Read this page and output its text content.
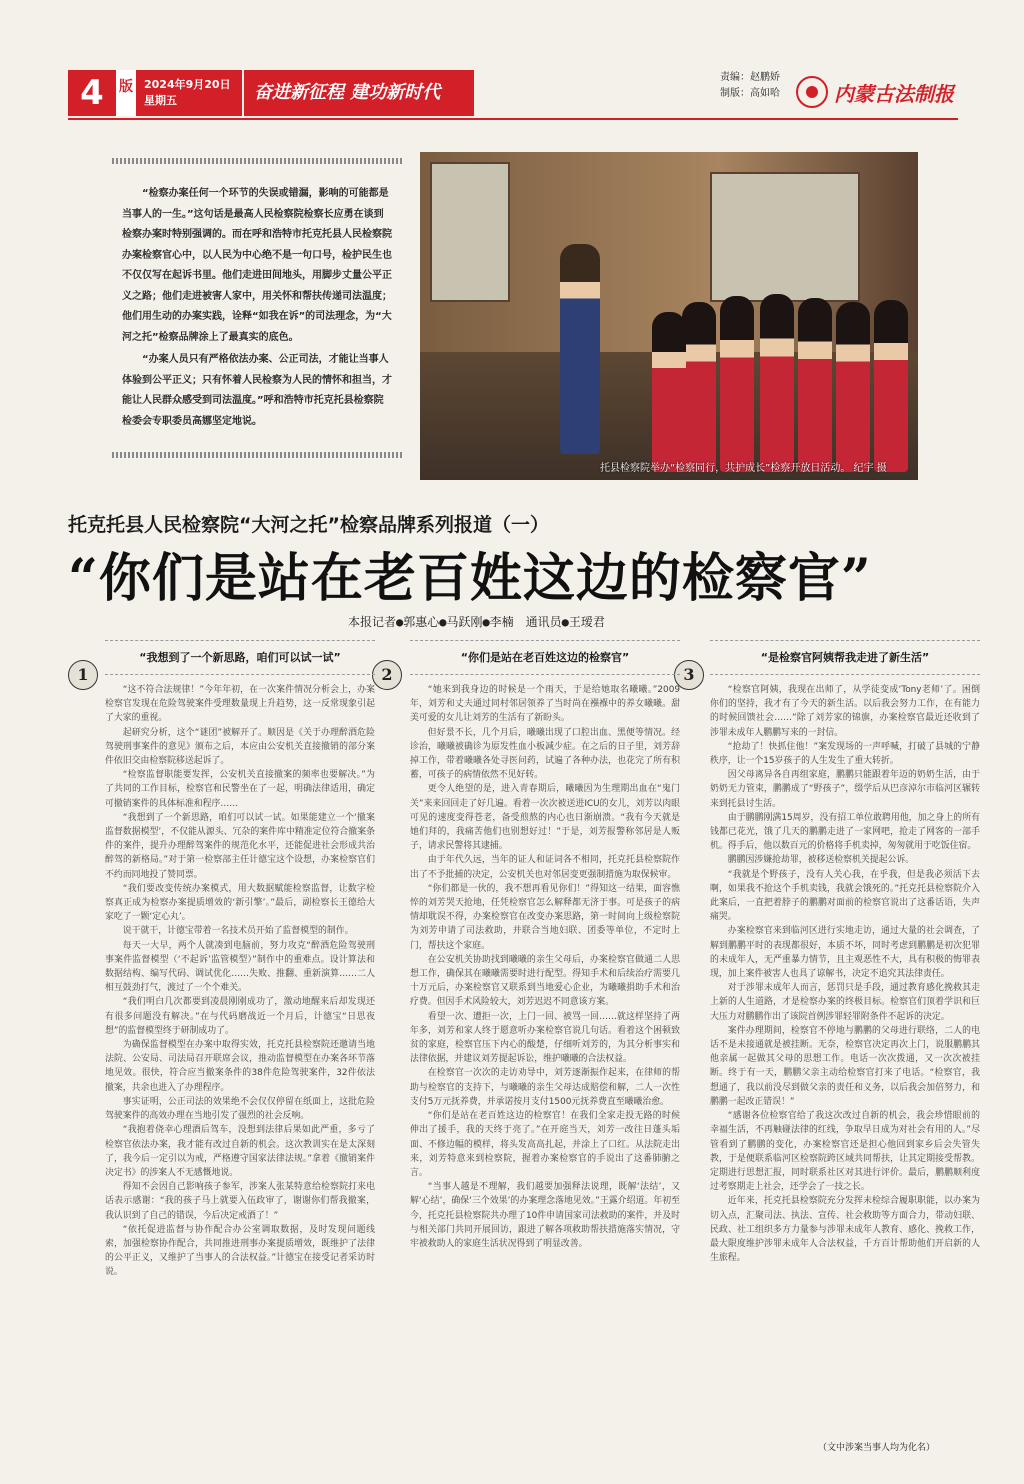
4	版 2024年9月20日
星期五	奋进新征程 建功新时代
责编：赵鹏娇
制版：高如哈	内蒙古法制报

“检察办案任何一个环节的失误或错漏，影响的可能都是当事人的一生。”这句话是最高人民检察院检察长应勇在谈到检察办案时特别强调的。而在呼和浩特市托克托县人民检察院办案检察官心中，以人民为中心绝不是一句口号，检护民生也不仅仅写在起诉书里。他们走进田间地头，用脚步丈量公平正义之路；他们走进被害人家中，用关怀和帮扶传递司法温度；他们用生动的办案实践，诠释“如我在诉”的司法理念，为“大河之托”检察品牌涂上了最真实的底色。

“办案人员只有严格依法办案、公正司法，才能让当事人体验到公平正义；只有怀着人民检察为人民的情怀和担当，才能让人民群众感受到司法温度。”呼和浩特市托克托县检察院检委会专职委员高娜坚定地说。

托县检察院举办“检察同行，共护成长”检察开放日活动。 纪宇 摄
托克托县人民检察院“大河之托”检察品牌系列报道（一）
“你们是站在老百姓这边的检察官”
本报记者●郭惠心●马跃刚●李楠　通讯员●王瑷君
1	2	3
“我想到了一个新思路，咱们可以试一试”

“这不符合法规律！”今年年初，在一次案件情况分析会上，办案检察官发现在危险驾驶案件受理数量现上升趋势，这一反常现象引起了大家的重视。

起研究分析，这个“谜团”被解开了。顺因是《关于办理醉酒危险驾驶刑事案件的意见》颁布之后，本应由公安机关直接撤销的部分案件依旧交由检察院移送起诉了。

“检察监督职能要发挥，公安机关直接撤案的频率也要解决。”为了共同的工作目标，检察官和民警坐在了一起，明确法律适用，确定可撤销案件的具体标准和程序……

“我想到了一个新思路，咱们可以试一试。如果能建立一个‘撤案监督数据模型’，不仅能从源头、冗杂的案件库中精准定位符合撤案条件的案件，提升办理醉驾案件的规范化水平，还能促进社会形成共治醉驾的新格局。”对于第一检察部主任计德宝这个设想，办案检察官们不约而同地投了赞同票。

“我们要改变传统办案模式，用大数据赋能检察监督，让数字检察真正成为检察办案提质增效的‘新引擎’。”最后，副检察长王德给大家吃了一颗‘定心丸’。

说干就干，计德宝带着一名技术员开始了监督模型的制作。

每天一大早，两个人就凑到电脑前，努力攻克“醉酒危险驾驶刑事案件监督模型（‘不起诉’监管模型）”制作中的重难点。设计算法和数据结构、编写代码、调试优化……失败、推翻、重新演算……二人相互鼓劲打气，渡过了一个个难关。

“我们明白几次都要到凌晨刚刚成功了，激动地醒来后却发现还有很多问题没有解决。”在与代码磨战近一个月后，计德宝“日思夜想”的监督模型终于研制成功了。

为确保监督模型在办案中取得实效，托克托县检察院还邀请当地法院、公安局、司法局召开联席会议，推动监督模型在办案各环节落地见效。很快，符合应当撤案条件的38件危险驾驶案件，32件依法撤案，共余也进入了办理程序。

事实证明，公正司法的效果绝不会仅仅停留在纸面上，这批危险驾驶案件的高效办理在当地引发了强烈的社会反响。

“我抱着侥幸心理酒后驾车，没想到法律后果如此严重，多亏了检察官依法办案，我才能有改过自新的机会。这次教训实在是太深刻了，我今后一定引以为戒，严格遵守国家法律法规。”拿着《撤销案件决定书》的涉案人不无感慨地说。

得知不会因自己影响孩子参军，涉案人张某特意给检察院打来电话表示感谢：“我的孩子马上就要入伍政审了，谢谢你们帮我撤案，我认识到了自己的错误，今后决定戒酒了！”

“依托促进监督与协作配合办公室调取数据，及时发现问题线索，加强检察协作配合，共同推进刑事办案提质增效，既维护了法律的公平正义，又维护了当事人的合法权益。”计德宝在接受记者采访时说。

“你们是站在老百姓这边的检察官”

“她来到我身边的时候是一个雨天，于是给她取名曦曦。”2009年，刘芳和丈夫通过同村邻居领养了当时尚在襁褓中的养女曦曦。甜美可爱的女儿让刘芳的生活有了新盼头。

但好景不长，几个月后，曦曦出现了口腔出血、黑便等情况。经诊治，曦曦被确诊为原发性血小板减少症。在之后的日子里，刘芳辞掉工作，带着曦曦各处寻医问药，试遍了各种办法，也花完了所有积蓄，可孩子的病情依然不见好转。

更令人绝望的是，进入青春期后，曦曦因为生理期出血在“鬼门关”来来回回走了好几遍。看着一次次被送进ICU的女儿，刘芳以肉眼可见的速度变得苍老，备受煎熬的内心也日渐崩溃。“我有今天就是她们拜的，我痛苦他们也别想好过！”于是，刘芳报警称邻居是人贩子，请求民警将其逮捕。

由于年代久远，当年的证人和证词各不相同，托克托县检察院作出了不予批捕的决定，公安机关也对邻居变更强制措施为取保候审。

“你们都是一伙的，我不想再看见你们！”得知这一结果，面容憔悴的刘芳哭天抢地，任凭检察官怎么解释都无济于事。可是孩子的病情却耽误不得，办案检察官在改变办案思路，第一时间向上级检察院为刘芳申请了司法救助，并联合当地妇联、团委等单位，不定时上门，帮扶这个家庭。

在公安机关协助找到曦曦的亲生父母后，办案检察官做通二人思想工作，确保其在曦曦需要时进行配型。得知手术和后续治疗需要几十万元后，办案检察官又联系到当地爱心企业，为曦曦捐助手术和治疗费。但因手术风险较大，刘芳迟迟不同意该方案。

看望一次、遭拒一次，上门一回、被骂一回……就这样坚持了两年多，刘芳和家人终于愿意听办案检察官说几句话。看着这个困顿致贫的家庭，检察官压下内心的酸楚，仔细听刘芳的，为其分析事实和法律依据，并建议刘芳提起诉讼，维护曦曦的合法权益。

在检察官一次次的走访劝导中，刘芳逐渐振作起来，在律师的帮助与检察官的支持下，与曦曦的亲生父母达成赔偿和解，二人一次性支付5万元抚养费，并承诺按月支付1500元抚养费直至曦曦治愈。

“你们是站在老百姓这边的检察官！在我们全家走投无路的时候伸出了援手，我的天终于亮了。”在开庭当天，刘芳一改往日蓬头垢面、不修边幅的模样，将头发高高扎起，并涂上了口红。从法院走出来，刘芳特意来到检察院，握着办案检察官的手说出了这番肺腑之言。

“当事人越是不理解，我们越要加强释法说理，既解‘法结’，又解‘心结’，确保‘三个效果’的办案理念落地见效。”王露介绍道。年初至今，托克托县检察院共办理了10件申请国家司法救助的案件，并及时与相关部门共同开展回访，跟进了解各项救助帮扶措施落实情况，守牢被救助人的家庭生活状况得到了明显改善。

“是检察官阿姨帮我走进了新生活”

“检察官阿姨，我现在出师了，从学徒变成‘Tony老师’了。困倒你们的坚持，我才有了今天的新生活。以后我会努力工作，在有能力的时候回馈社会……”除了刘芳家的锦旗，办案检察官最近还收到了涉罪未成年人鹏鹏写来的一封信。

“抢劫了！快抓住他！”案发现场的一声呼喊，打破了县城的宁静秩序，让一个15岁孩子的人生发生了重大转折。

因父母离异各自再组家庭，鹏鹏只能跟着年迈的奶奶生活，由于奶奶无力管束，鹏鹏成了“野孩子”，缀学后从巴彦淖尔市临河区辗转来到托县讨生活。

由于鹏鹏刚满15周岁，没有招工单位敢聘用他，加之身上的所有钱都已花光，饿了几天的鹏鹏走进了一家网吧，抢走了网客的一部手机。得手后，他以数百元的价格将手机卖掉，匆匆就用于吃饭住宿。

鹏鹏因涉嫌抢劫罪，被移送检察机关提起公诉。

“我就是个野孩子，没有人关心我，在乎我，但是我必须活下去啊，如果我不抢这个手机卖钱，我就会饿死的。”托克托县检察院介入此案后，一直把着脖子的鹏鹏对面前的检察官说出了这番话语，失声痛哭。

办案检察官来到临河区进行实地走访，通过大量的社会调查，了解到鹏鹏平时的表现都很好，本质不坏，同时考虑到鹏鹏是初次犯罪的未成年人，无严重暴力情节，且主观恶性不大，具有积极的悔罪表现，加上案件被害人也具了谅解书，决定不追究其法律责任。

对于涉罪未成年人而言，惩罚只是手段，通过教育感化挽救其走上新的人生道路，才是检察办案的终极目标。检察官们顶着学识和巨大压力对鹏鹏作出了该院首例涉罪轻罪附条件不起诉的决定。

案件办理期间，检察官不停地与鹏鹏的父母进行联络，二人的电话不是未接通就是被挂断。无奈，检察官决定再次上门，说服鹏鹏其他亲属一起做其父母的思想工作。电话一次次拨通，又一次次被挂断。终于有一天，鹏鹏父亲主动给检察官打来了电话。“检察官，我想通了，我以前没尽到做父亲的责任和义务，以后我会加倍努力，和鹏鹏一起改正错误！”

“感谢各位检察官给了我这次改过自新的机会，我会珍惜眼前的幸福生活，不再触碰法律的红线，争取早日成为对社会有用的人。”尽管看到了鹏鹏的变化，办案检察官还是担心他回到家乡后会失管失教，于是便联系临河区检察院跨区域共同帮扶，让其定期接受帮教。定期进行思想汇报，同时联系社区对其进行评价。最后，鹏鹏顺利度过考察期走上社会，还学会了一技之长。

近年来，托克托县检察院充分发挥未检综合履职职能，以办案为切入点，汇聚司法、执法、宣传、社会救助等方面合力，带动妇联、民政、社工组织多方力量参与涉罪未成年人教育、感化、挽救工作，最大限度维护涉罪未成年人合法权益，千方百计帮助他们开启新的人生旅程。

（文中涉案当事人均为化名）
